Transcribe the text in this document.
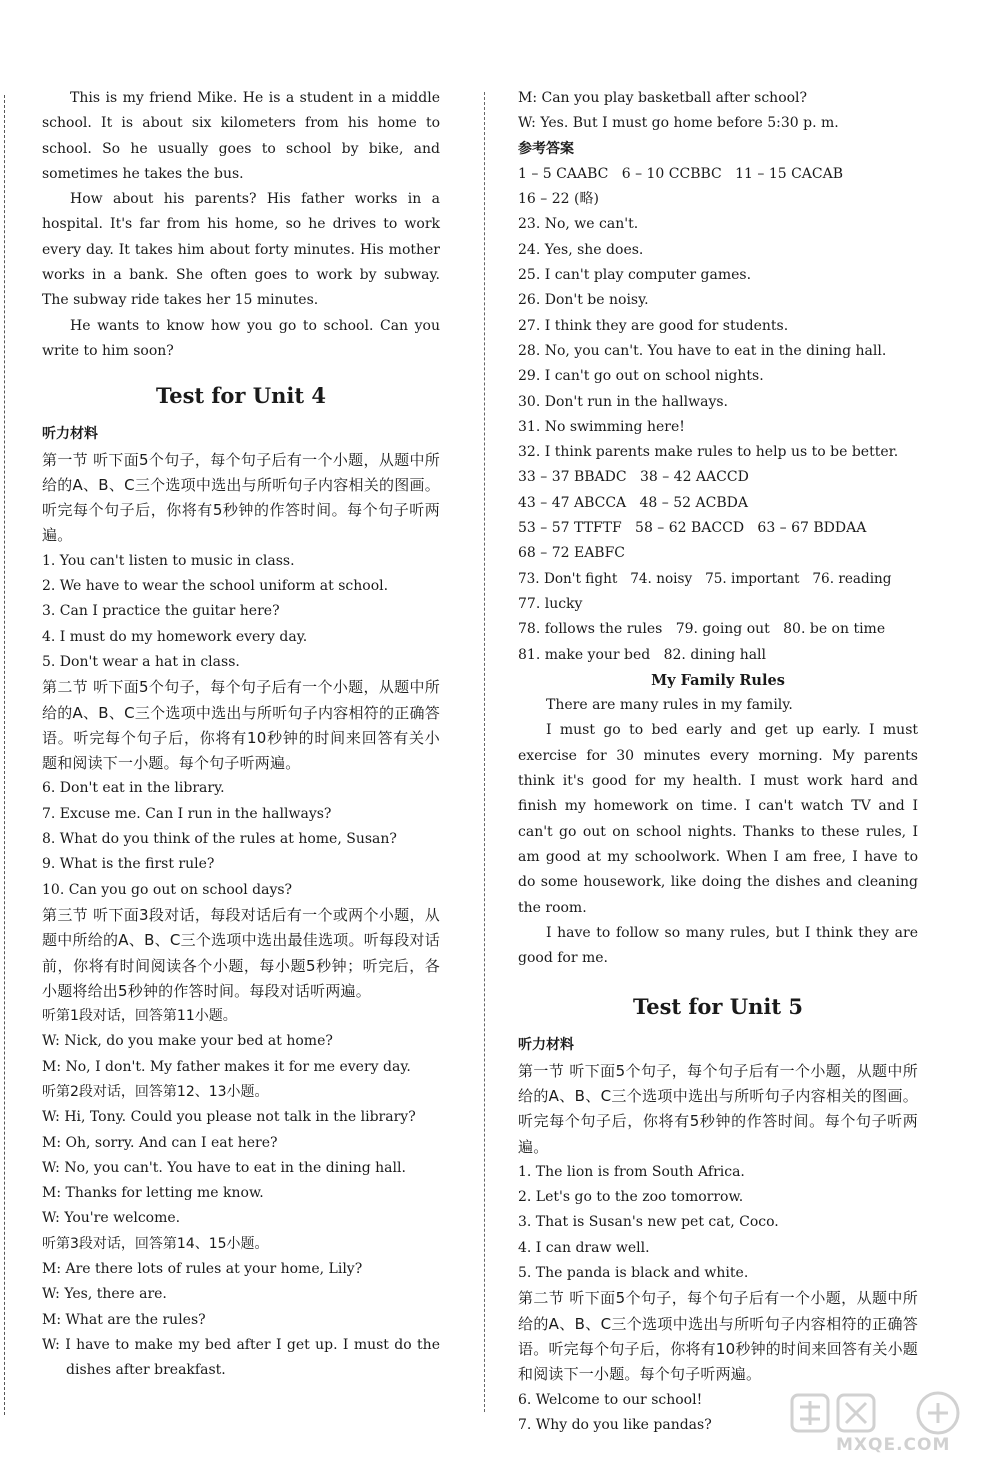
This is my friend Mike. He is a student in a middle school. It is about six kilometers from his home to school. So he usually goes to school by bike, and sometimes he takes the bus.
How about his parents? His father works in a hospital. It's far from his home, so he drives to work every day. It takes him about forty minutes. His mother works in a bank. She often goes to work by subway. The subway ride takes her 15 minutes.
He wants to know how you go to school. Can you write to him soon?
Test for Unit 4
听力材料
第一节 听下面5个句子，每个句子后有一个小题，从题中所给的A、B、C三个选项中选出与所听句子内容相关的图画。听完每个句子后，你将有5秒钟的作答时间。每个句子听两遍。
1. You can't listen to music in class.
2. We have to wear the school uniform at school.
3. Can I practice the guitar here?
4. I must do my homework every day.
5. Don't wear a hat in class.
第二节 听下面5个句子，每个句子后有一个小题，从题中所给的A、B、C三个选项中选出与所听句子内容相符的正确答语。听完每个句子后，你将有10秒钟的时间来回答有关小题和阅读下一小题。每个句子听两遍。
6. Don't eat in the library.
7. Excuse me. Can I run in the hallways?
8. What do you think of the rules at home, Susan?
9. What is the first rule?
10. Can you go out on school days?
第三节 听下面3段对话，每段对话后有一个或两个小题，从题中所给的A、B、C三个选项中选出最佳选项。听每段对话前，你将有时间阅读各个小题，每小题5秒钟；听完后，各小题将给出5秒钟的作答时间。每段对话听两遍。
听第1段对话，回答第11小题。
W: Nick, do you make your bed at home?
M: No, I don't. My father makes it for me every day.
听第2段对话，回答第12、13小题。
W: Hi, Tony. Could you please not talk in the library?
M: Oh, sorry. And can I eat here?
W: No, you can't. You have to eat in the dining hall.
M: Thanks for letting me know.
W: You're welcome.
听第3段对话，回答第14、15小题。
M: Are there lots of rules at your home, Lily?
W: Yes, there are.
M: What are the rules?
W: I have to make my bed after I get up. I must do the dishes after breakfast.
M: Can you play basketball after school?
W: Yes. But I must go home before 5:30 p. m.
参考答案
1 – 5 CAABC   6 – 10 CCBBC   11 – 15 CACAB
16 – 22 (略)
23. No, we can't.
24. Yes, she does.
25. I can't play computer games.
26. Don't be noisy.
27. I think they are good for students.
28. No, you can't. You have to eat in the dining hall.
29. I can't go out on school nights.
30. Don't run in the hallways.
31. No swimming here!
32. I think parents make rules to help us to be better.
33 – 37 BBADC   38 – 42 AACCD
43 – 47 ABCCA   48 – 52 ACBDA
53 – 57 TTFTF   58 – 62 BACCD   63 – 67 BDDAA
68 – 72 EABFC
73. Don't fight   74. noisy   75. important   76. reading
77. lucky
78. follows the rules   79. going out   80. be on time
81. make your bed   82. dining hall
My Family Rules
There are many rules in my family.
I must go to bed early and get up early. I must exercise for 30 minutes every morning. My parents think it's good for my health. I must work hard and finish my homework on time. I can't watch TV and I can't go out on school nights. Thanks to these rules, I am good at my schoolwork. When I am free, I have to do some housework, like doing the dishes and cleaning the room.
I have to follow so many rules, but I think they are good for me.
Test for Unit 5
听力材料
第一节 听下面5个句子，每个句子后有一个小题，从题中所给的A、B、C三个选项中选出与所听句子内容相关的图画。听完每个句子后，你将有5秒钟的作答时间。每个句子听两遍。
1. The lion is from South Africa.
2. Let's go to the zoo tomorrow.
3. That is Susan's new pet cat, Coco.
4. I can draw well.
5. The panda is black and white.
第二节 听下面5个句子，每个句子后有一个小题，从题中所给的A、B、C三个选项中选出与所听句子内容相符的正确答语。听完每个句子后，你将有10秒钟的时间来回答有关小题和阅读下一小题。每个句子听两遍。
6. Welcome to our school!
7. Why do you like pandas?
MXQE.COM
